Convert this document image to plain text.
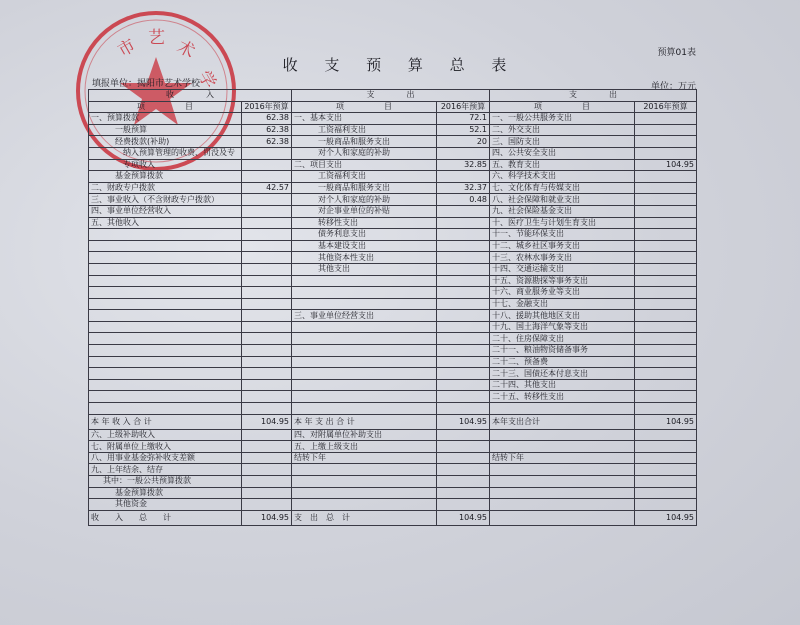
市 艺 术
学
预算01表
收 支 预 算 总 表
填报单位：揭阳市艺术学校	单位：万元
收　　　　入		支　　　　出		支　　　　出	
项　　　　　目	2016年预算	项　　　　　目	2016年预算	项　　　　　目	2016年预算
一、预算拨款	62.38	一、基本支出	72.1	一、一般公共服务支出	
一般预算	62.38	工资福利支出	52.1	二、外交支出	
经费拨款(补助)	62.38	一般商品和服务支出	20	三、国防支出	
纳入预算管理的收费、罚没及专		对个人和家庭的补助		四、公共安全支出	
专项收入		二、项目支出	32.85	五、教育支出	104.95
基金预算拨款		工资福利支出		六、科学技术支出	
二、财政专户拨款	42.57	一般商品和服务支出	32.37	七、文化体育与传媒支出	
三、事业收入（不含财政专户拨款）		对个人和家庭的补助	0.48	八、社会保障和就业支出	
四、事业单位经营收入		对企事业单位的补贴		九、社会保险基金支出	
五、其他收入		转移性支出		十、医疗卫生与计划生育支出	
		债务利息支出		十一、节能环保支出	
		基本建设支出		十二、城乡社区事务支出	
		其他资本性支出		十三、农林水事务支出	
		其他支出		十四、交通运输支出	
				十五、资源勘探等事务支出	
				十六、商业服务业等支出	
				十七、金融支出	
		三、事业单位经营支出		十八、援助其他地区支出	
				十九、国土海洋气象等支出	
				二十、住房保障支出	
				二十一、粮油物资储备事务	
				二十二、预备费	
				二十三、国债还本付息支出	
				二十四、其他支出	
				二十五、转移性支出	

本 年 收 入 合 计	104.95	本 年 支 出 合 计	104.95	本年支出合计	104.95
六、上级补助收入		四、对附属单位补助支出			
七、附属单位上缴收入		五、上缴上级支出			
八、用事业基金弥补收支差额		结转下年		结转下年	
九、上年结余、结存					
其中：一般公共预算拨款					
基金预算拨款					
其他资金					
收　　入　　总　　计	104.95	支　出　总　计	104.95		104.95
